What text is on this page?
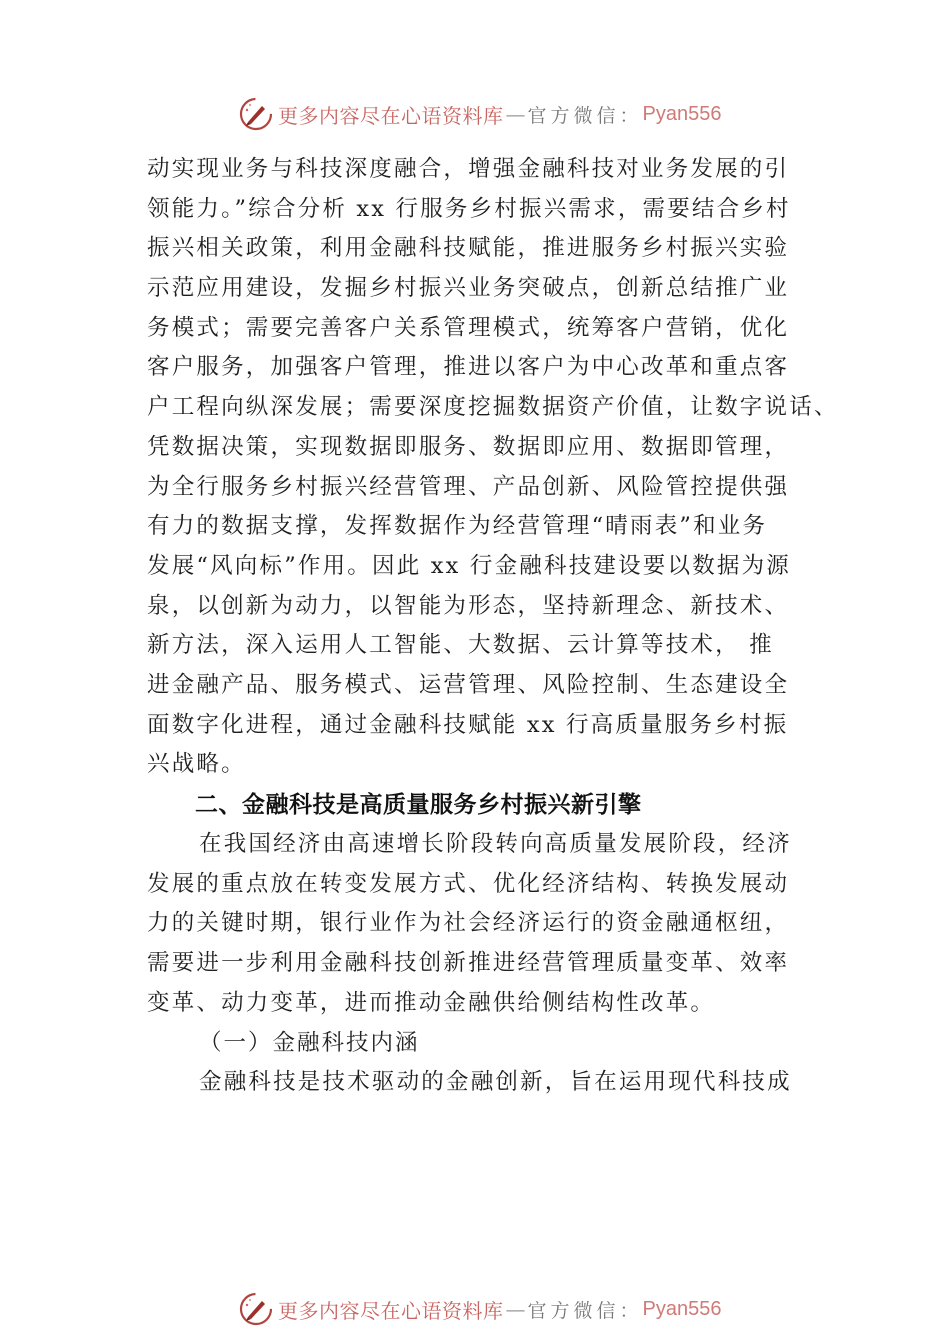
更多内容尽在心语资料库 — 官方微信： Pyan556
动实现业务与科技深度融合，增强金融科技对业务发展的引
领能力。”综合分析 xx 行服务乡村振兴需求，需要结合乡村
振兴相关政策，利用金融科技赋能，推进服务乡村振兴实验
示范应用建设，发掘乡村振兴业务突破点，创新总结推广业
务模式；需要完善客户关系管理模式，统筹客户营销，优化
客户服务，加强客户管理，推进以客户为中心改革和重点客
户工程向纵深发展；需要深度挖掘数据资产价值，让数字说话、
凭数据决策，实现数据即服务、数据即应用、数据即管理，
为全行服务乡村振兴经营管理、产品创新、风险管控提供强
有力的数据支撑，发挥数据作为经营管理“晴雨表”和业务
发展“风向标”作用。因此 xx 行金融科技建设要以数据为源
泉，以创新为动力，以智能为形态，坚持新理念、新技术、
新方法，深入运用人工智能、大数据、云计算等技术， 推
进金融产品、服务模式、运营管理、风险控制、生态建设全
面数字化进程，通过金融科技赋能 xx 行高质量服务乡村振
兴战略。
二、金融科技是高质量服务乡村振兴新引擎
在我国经济由高速增长阶段转向高质量发展阶段，经济
发展的重点放在转变发展方式、优化经济结构、转换发展动
力的关键时期，银行业作为社会经济运行的资金融通枢纽，
需要进一步利用金融科技创新推进经营管理质量变革、效率
变革、动力变革，进而推动金融供给侧结构性改革。
（一）金融科技内涵
金融科技是技术驱动的金融创新，旨在运用现代科技成
更多内容尽在心语资料库 — 官方微信： Pyan556
